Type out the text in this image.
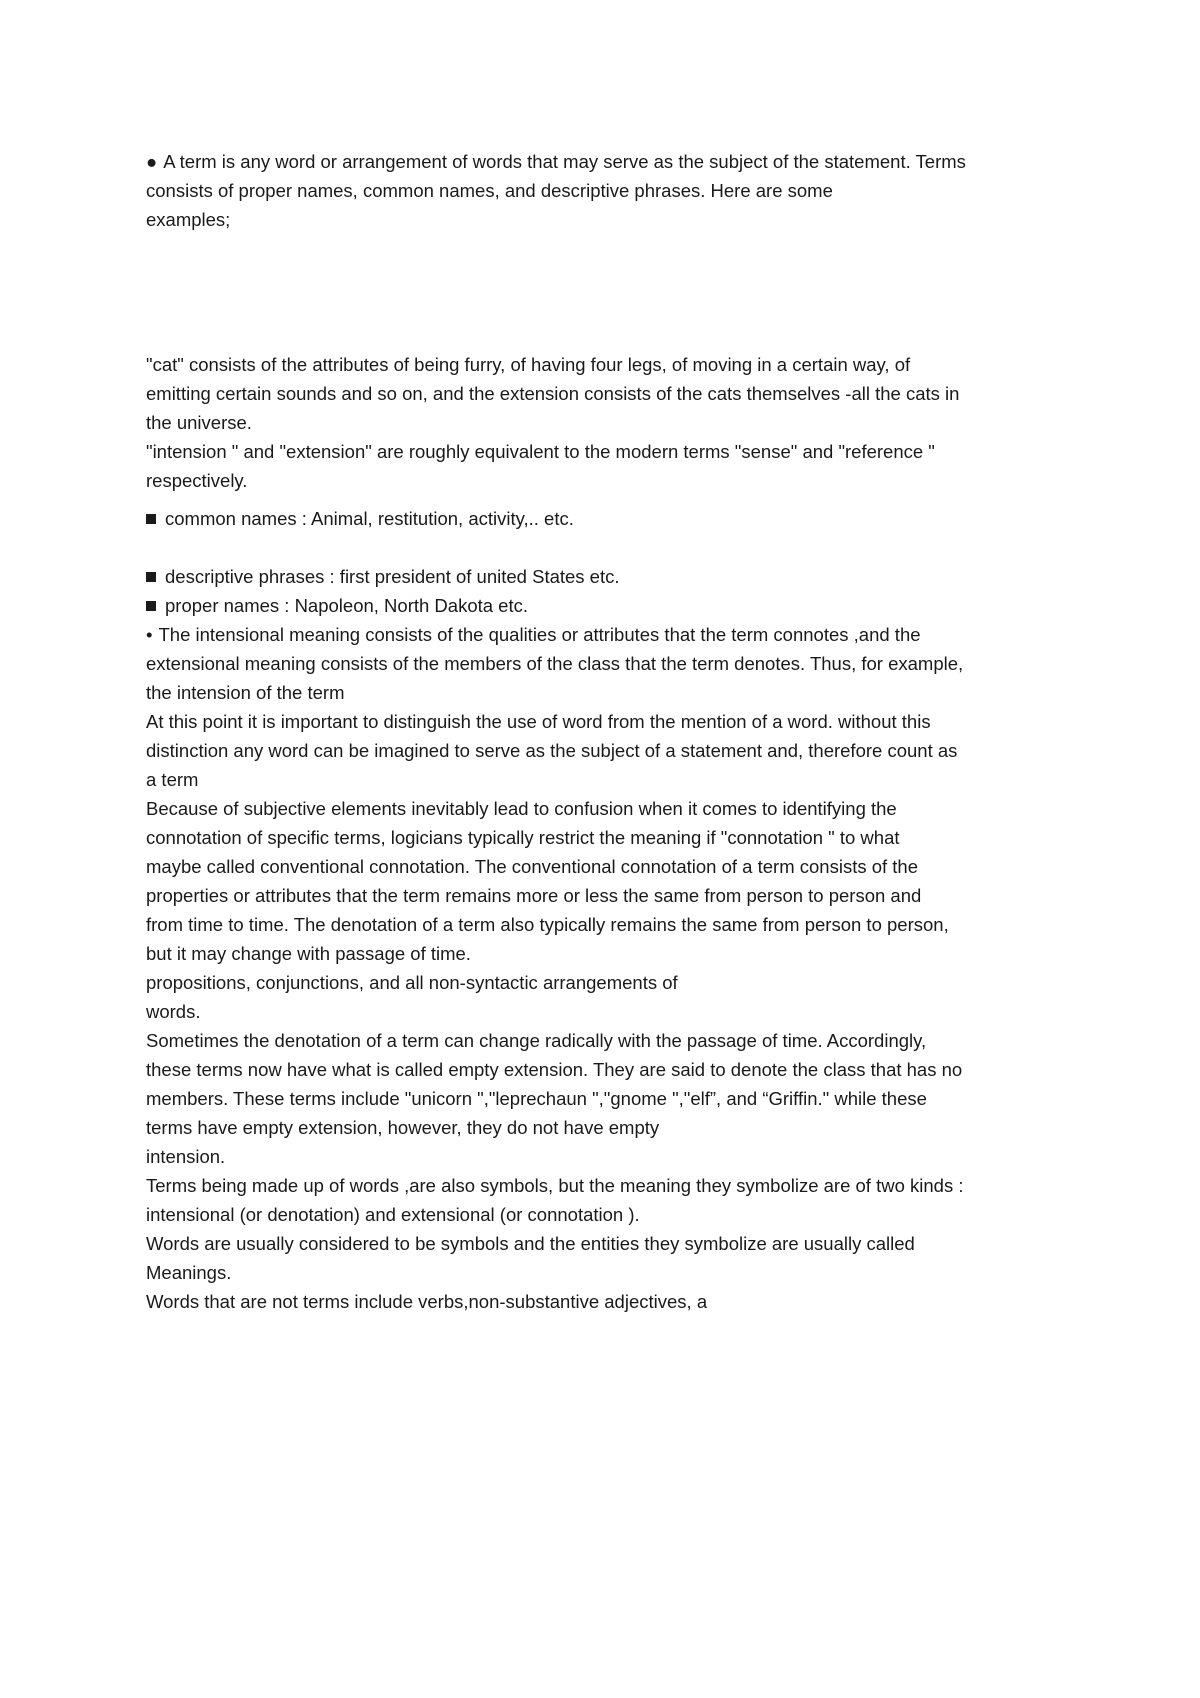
● A term is any word or arrangement of words that may serve as the subject of the statement. Terms

consists of proper names, common names, and descriptive phrases. Here are some

examples;

"cat" consists of the attributes of being furry, of having four legs, of moving in a certain way, of

emitting certain sounds and so on, and the extension consists of the cats themselves -all the cats in

the universe.

"intension " and "extension" are roughly equivalent to the modern terms "sense" and "reference "

respectively.

common names : Animal, restitution, activity,.. etc.

descriptive phrases : first president of united States etc.

proper names : Napoleon, North Dakota etc.

• The intensional meaning consists of the qualities or attributes that the term connotes ,and the

extensional meaning consists of the members of the class that the term denotes. Thus, for example,

the intension of the term

At this point it is important to distinguish the use of word from the mention of a word. without this

distinction any word can be imagined to serve as the subject of a statement and, therefore count as

a term

Because of subjective elements inevitably lead to confusion when it comes to identifying the

connotation of specific terms, logicians typically restrict the meaning if "connotation " to what

maybe called conventional connotation. The conventional connotation of a term consists of the

properties or attributes that the term remains more or less the same from person to person and

from time to time. The denotation of a term also typically remains the same from person to person,

but it may change with passage of time.

propositions, conjunctions, and all non-syntactic arrangements of

words.

Sometimes the denotation of a term can change radically with the passage of time. Accordingly,

these terms now have what is called empty extension. They are said to denote the class that has no

members. These terms include "unicorn ","leprechaun ","gnome ","elf”, and “Griffin." while these

terms have empty extension, however, they do not have empty

intension.

Terms being made up of words ,are also symbols, but the meaning they symbolize are of two kinds :

intensional (or denotation) and extensional (or connotation ).

Words are usually considered to be symbols and the entities they symbolize are usually called

Meanings.

Words that are not terms include verbs,non-substantive adjectives, a
